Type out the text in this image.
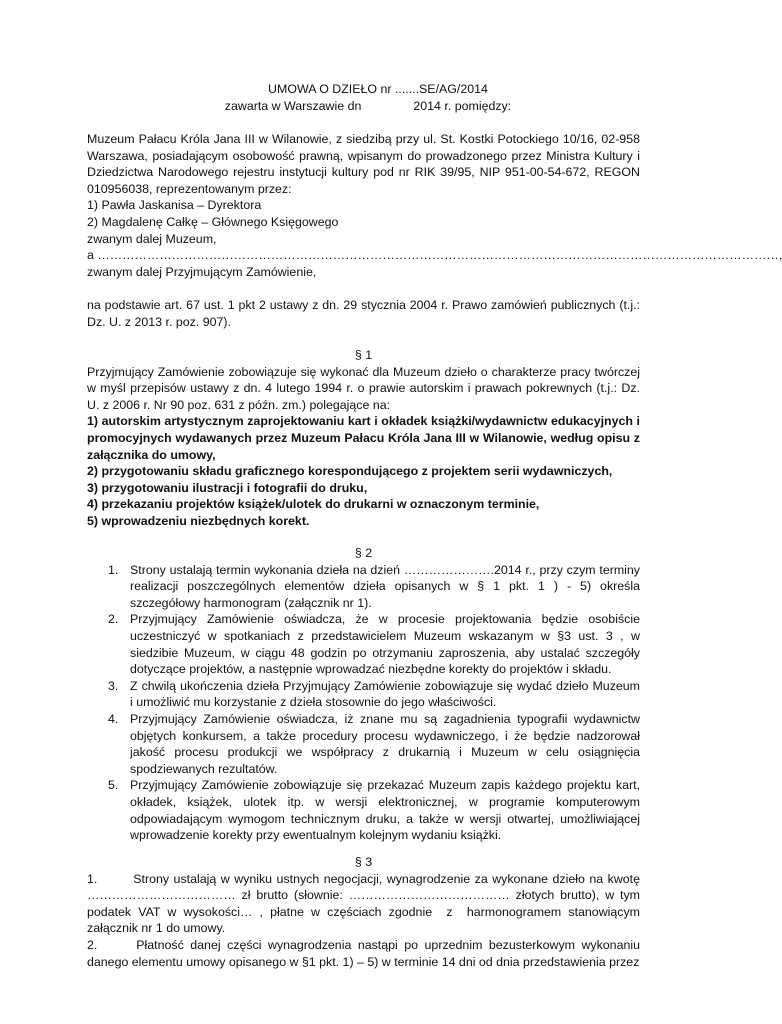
UMOWA O DZIEŁO nr .......SE/AG/2014
zawarta w Warszawie dn	2014 r. pomiędzy:

Muzeum Pałacu Króla Jana III w Wilanowie, z siedzibą przy ul. St. Kostki Potockiego 10/16, 02-958 Warszawa, posiadającym osobowość prawną, wpisanym do prowadzonego przez Ministra Kultury i Dziedzictwa Narodowego rejestru instytucji kultury pod nr RIK 39/95, NIP 951-00-54-672, REGON 010956038, reprezentowanym przez:

1) Pawła Jaskanisa – Dyrektora

2) Magdalenę Całkę – Głównego Księgowego

zwanym dalej Muzeum,

a …………………………………………………………………………………………………………………………………………………,

zwanym dalej Przyjmującym Zamówienie,

na podstawie art. 67 ust. 1 pkt 2 ustawy z dn. 29 stycznia 2004 r. Prawo zamówień publicznych (t.j.: Dz. U. z 2013 r. poz. 907).

§ 1

Przyjmujący Zamówienie zobowiązuje się wykonać dla Muzeum dzieło o charakterze pracy twórczej w myśl przepisów ustawy z dn. 4 lutego 1994 r. o prawie autorskim i prawach pokrewnych (t.j.: Dz. U. z 2006 r. Nr 90 poz. 631 z późn. zm.) polegające na:

1) autorskim artystycznym zaprojektowaniu kart i okładek książki/wydawnictw edukacyjnych i promocyjnych wydawanych przez Muzeum Pałacu Króla Jana III w Wilanowie, według opisu z załącznika do umowy,

2) przygotowaniu składu graficznego korespondującego z projektem serii wydawniczych,

3) przygotowaniu ilustracji i fotografii do druku,

4) przekazaniu projektów książek/ulotek do drukarni w oznaczonym terminie,

5) wprowadzeniu niezbędnych korekt.

§ 2

1. Strony ustalają termin wykonania dzieła na dzień ………………….2014 r., przy czym terminy realizacji poszczególnych elementów dzieła opisanych w § 1 pkt. 1 ) - 5) określa szczegółowy harmonogram (załącznik nr 1).
2. Przyjmujący Zamówienie oświadcza, że w procesie projektowania będzie osobiście uczestniczyć w spotkaniach z przedstawicielem Muzeum wskazanym w §3 ust. 3 , w siedzibie Muzeum, w ciągu 48 godzin po otrzymaniu zaproszenia, aby ustalać szczegóły dotyczące projektów, a następnie wprowadzać niezbędne korekty do projektów i składu.
3. Z chwilą ukończenia dzieła Przyjmujący Zamówienie zobowiązuje się wydać dzieło Muzeum i umożliwić mu korzystanie z dzieła stosownie do jego właściwości.
4. Przyjmujący Zamówienie oświadcza, iż znane mu są zagadnienia typografii wydawnictw objętych konkursem, a także procedury procesu wydawniczego, i że będzie nadzorował jakość procesu produkcji we współpracy z drukarnią i Muzeum w celu osiągnięcia spodziewanych rezultatów.
5. Przyjmujący Zamówienie zobowiązuje się przekazać Muzeum zapis każdego projektu kart, okładek, książek, ulotek itp. w wersji elektronicznej, w programie komputerowym odpowiadającym wymogom technicznym druku, a także w wersji otwartej, umożliwiającej wprowadzenie korekty przy ewentualnym kolejnym wydaniu książki.

§ 3

1.        Strony ustalają w wyniku ustnych negocjacji, wynagrodzenie za wykonane dzieło na kwotę ……………………………… zł brutto (słownie: ………………………………… złotych brutto), w tym podatek VAT w wysokości… , płatne w częściach zgodnie  z  harmonogramem stanowiącym załącznik nr 1 do umowy.

2.      Płatność danej części wynagrodzenia nastąpi po uprzednim bezusterkowym wykonaniu danego elementu umowy opisanego w §1 pkt. 1) – 5) w terminie 14 dni od dnia przedstawienia przez
